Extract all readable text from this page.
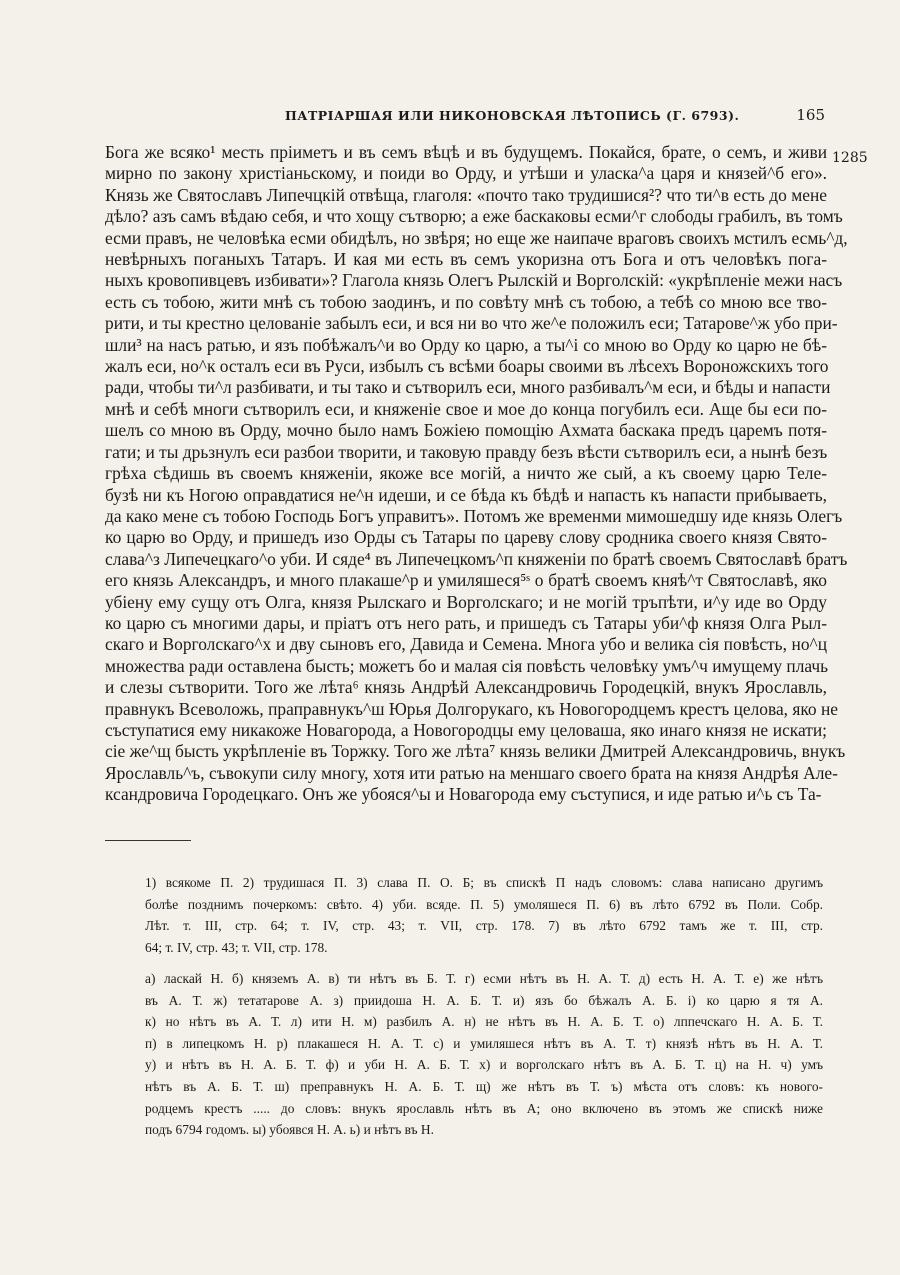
ПАТРІАРШАЯ ИЛИ НИКОНОВСКАЯ ЛѢТОПИСЬ (Г. 6793).	165
1285
Бога же всяко¹ месть пріиметъ и въ семъ вѣцѣ и въ будущемъ. Покайся, брате, о семъ, и живи
мирно по закону христіаньскому, и поиди во Орду, и утѣши и уласка^а царя и князей^б его».
Князь же Святославъ Липечцкій отвѣща, глаголя: «почто тако трудишися²? что ти^в есть до мене
дѣло? азъ самъ вѣдаю себя, и что хощу сътворю; а еже баскаковы есми^г слободы грабилъ, въ томъ
есми правъ, не человѣка есми обидѣлъ, но звѣря; но еще же наипаче враговъ своихъ мстилъ есмь^д,
невѣрныхъ поганыхъ Татаръ. И кая ми есть въ семъ укоризна отъ Бога и отъ человѣкъ пога-
ныхъ кровопивцевъ избивати»? Глагола князь Олегъ Рылскій и Ворголскій: «укрѣпленіе межи насъ
есть съ тобою, жити мнѣ съ тобою заодинъ, и по совѣту мнѣ съ тобою, а тебѣ со мною все тво-
рити, и ты крестно целованіе забылъ еси, и вся ни во что же^е положилъ еси; Татарове^ж убо при-
шли³ на насъ ратью, и язъ побѣжалъ^и во Орду ко царю, а ты^і со мною во Орду ко царю не бѣ-
жалъ еси, но^к осталъ еси въ Руси, избылъ съ всѣми боары своими въ лѣсехъ Вороножскихъ того
ради, чтобы ти^л разбивати, и ты тако и сътворилъ еси, много разбивалъ^м еси, и бѣды и напасти
мнѣ и себѣ многи сътворилъ еси, и княженіе свое и мое до конца погубилъ еси. Аще бы еси по-
шелъ со мною въ Орду, мочно было намъ Божіею помощію Ахмата баскака предъ царемъ потя-
гати; и ты дрьзнулъ еси разбои творити, и таковую правду безъ вѣсти сътворилъ еси, а нынѣ безъ
грѣха сѣдишь въ своемъ княженіи, якоже все могій, а ничто же сый, а къ своему царю Теле-
бузѣ ни къ Ногою оправдатися не^н идеши, и се бѣда къ бѣдѣ и напасть къ напасти прибываеть,
да како мене съ тобою Господь Богъ управитъ». Потомъ же временми мимошедшу иде князь Олегъ
ко царю во Орду, и пришедъ изо Орды съ Татары по цареву слову сродника своего князя Свято-
слава^з Липечецкаго^о уби. И сяде⁴ въ Липечецкомъ^п княженіи по братѣ своемъ Святославѣ братъ
его князь Александръ, и много плакаше^р и умиляшеся⁵ˢ о братѣ своемъ княѣ^т Святославѣ, яко
убіену ему сущу отъ Олга, князя Рылскаго и Ворголскаго; и не могій тръпѣти, и^у иде во Орду
ко царю съ многими дары, и пріатъ отъ него рать, и пришедъ съ Татары уби^ф князя Олга Рыл-
скаго и Ворголскаго^х и дву сыновъ его, Давида и Семена. Многа убо и велика сія повѣсть, но^ц
множества ради оставлена бысть; можетъ бо и малая сія повѣсть человѣку умъ^ч имущему плачь
и слезы сътворити. Того же лѣта⁶ князь Андрѣй Александровичь Городецкій, внукъ Ярославль,
правнукъ Всеволожь, праправнукъ^ш Юрья Долгорукаго, къ Новогородцемъ крестъ целова, яко не
съступатися ему никакоже Новагорода, а Новогородцы ему целоваша, яко инаго князя не искати;
сіе же^щ бысть укрѣпленіе въ Торжку. Того же лѣта⁷ князь велики Дмитрей Александровичь, внукъ
Ярославль^ъ, съвокупи силу многу, хотя ити ратью на меншаго своего брата на князя Андрѣя Але-
ксандровича Городецкаго. Онъ же убояся^ы и Новагорода ему съступися, и иде ратью и^ь съ Та-
1) всякоме П. 2) трудишася П. 3) слава П. О. Б; въ спискѣ П надъ словомъ: слава написано другимъ
болѣе позднимъ почеркомъ: свѣто. 4) уби. всяде. П. 5) умоляшеся П. 6) въ лѣто 6792 въ Поли. Собр.
Лѣт. т. III, стр. 64; т. IV, стр. 43; т. VII, стр. 178. 7) въ лѣто 6792 тамъ же т. III, стр.
64; т. IV, стр. 43; т. VII, стр. 178.
а) ласкай Н. б) княземъ А. в) ти нѣтъ въ Б. Т. г) есми нѣтъ въ Н. А. Т. д) есть Н. А. Т. е) же нѣтъ
въ А. Т. ж) тетатарове А. з) приидоша Н. А. Б. Т. и) язъ бо бѣжалъ А. Б. і) ко царю я тя А.
к) но нѣтъ въ А. Т. л) ити Н. м) разбилъ А. н) не нѣтъ въ Н. А. Б. Т. о) лппечскаго Н. А. Б. Т.
п) в липецкомъ Н. р) плакашеся Н. А. Т. с) и умиляшеся нѣтъ въ А. Т. т) князѣ нѣтъ въ Н. А. Т.
у) и нѣтъ въ Н. А. Б. Т. ф) и уби Н. А. Б. Т. х) и ворголскаго нѣтъ въ А. Б. Т. ц) на Н. ч) умъ
нѣтъ въ А. Б. Т. ш) преправнукъ Н. А. Б. Т. щ) же нѣтъ въ Т. ъ) мѣста отъ словъ: къ нового-
родцемъ крестъ ..... до словъ: внукъ ярославль нѣтъ въ А; оно включено въ этомъ же спискѣ ниже
подъ 6794 годомъ. ы) убоявся Н. А. ь) и нѣтъ въ Н.
